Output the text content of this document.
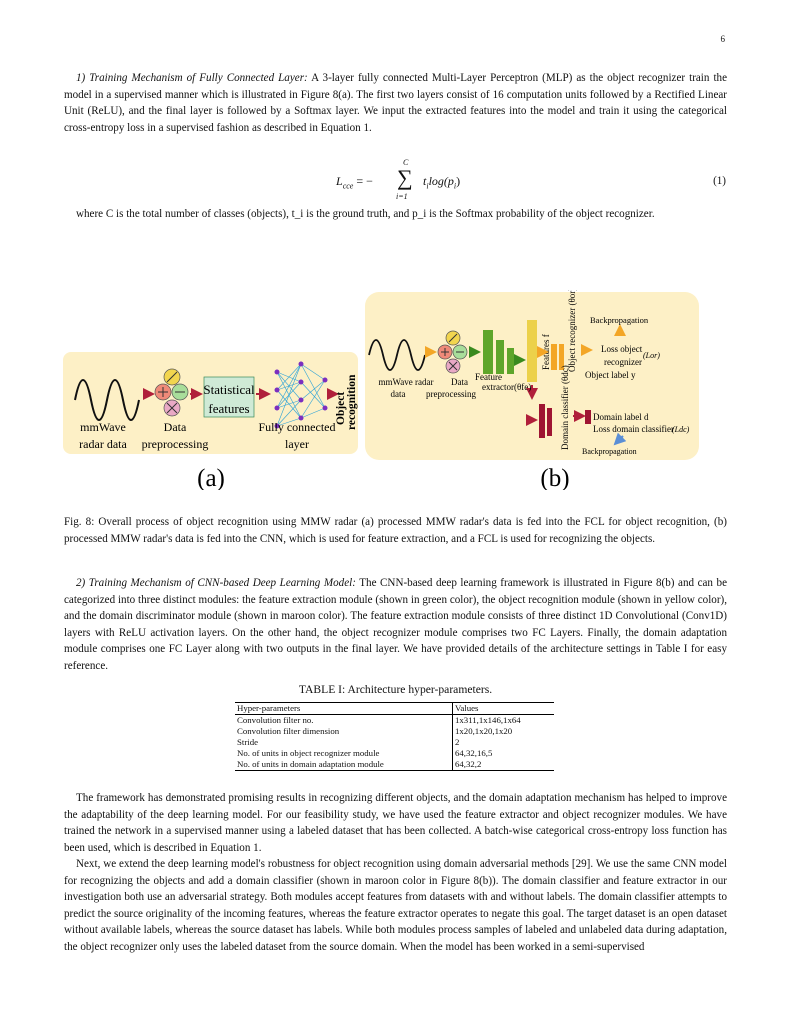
6

1) Training Mechanism of Fully Connected Layer: A 3-layer fully connected Multi-Layer Perceptron (MLP) as the object recognizer train the model in a supervised manner which is illustrated in Figure 8(a). The first two layers consist of 16 computation units followed by a Rectified Linear Unit (ReLU), and the final layer is followed by a Softmax layer. We input the extracted features into the model and train it using the categorical cross-entropy loss in a supervised fashion as described in Equation 1.

$L_{cce}$ = −
C
∑
i=1
$t_i\log(p_i)$	(1)

where C is the total number of classes (objects), t_i is the ground truth, and p_i is the Softmax probability of the object recognizer.

Statistical
features	Object recognition
mmWave
radar data
Data
preprocessing
Fully connected
layer
(a)
Features f Object recognizer (θor) Backpropagation
Loss object
(Lor)
recognizer
Object label y
Domain classifier (θdc)	Domain label d
Loss domain classifier
(Ldc)
Backpropagation
mmWave radar
data
Data
preprocessing
Feature
extractor(θfe)
(b)

Fig. 8: Overall process of object recognition using MMW radar (a) processed MMW radar's data is fed into the FCL for object recognition, (b) processed MMW radar's data is fed into the CNN, which is used for feature extraction, and a FCL is used for recognizing the objects.

2) Training Mechanism of CNN-based Deep Learning Model: The CNN-based deep learning framework is illustrated in Figure 8(b) and can be categorized into three distinct modules: the feature extraction module (shown in green color), the object recognition module (shown in yellow color), and the domain discriminator module (shown in maroon color). The feature extraction module consists of three distinct 1D Convolutional (Conv1D) layers with ReLU activation layers. On the other hand, the object recognizer module comprises two FC Layers. Finally, the domain adaptation module comprises one FC Layer along with two outputs in the final layer. We have provided details of the architecture settings in Table I for easy reference.

TABLE I: Architecture hyper-parameters.
Hyper-parameters	Values
Convolution filter no.	1x311,1x146,1x64
Convolution filter dimension	1x20,1x20,1x20
Stride	2
No. of units in object recognizer module	64,32,16,5
No. of units in domain adaptation module	64,32,2

The framework has demonstrated promising results in recognizing different objects, and the domain adaptation mechanism has helped to improve the adaptability of the deep learning model. For our feasibility study, we have used the feature extractor and object recognizer modules. We have trained the network in a supervised manner using a labeled dataset that has been collected. A batch-wise categorical cross-entropy loss function has been used, which is described in Equation 1.

Next, we extend the deep learning model's robustness for object recognition using domain adversarial methods [29]. We use the same CNN model for recognizing the objects and add a domain classifier (shown in maroon color in Figure 8(b)). The domain classifier and feature extractor in our investigation both use an adversarial strategy. Both modules accept features from datasets with and without labels. The domain classifier attempts to predict the source originality of the incoming features, whereas the feature extractor operates to negate this goal. The target dataset is an open dataset without available labels, whereas the source dataset has labels. While both modules process samples of labeled and unlabeled data during adaptation, the object recognizer only uses the labeled dataset from the source domain. When the model has been worked in a semi-supervised
